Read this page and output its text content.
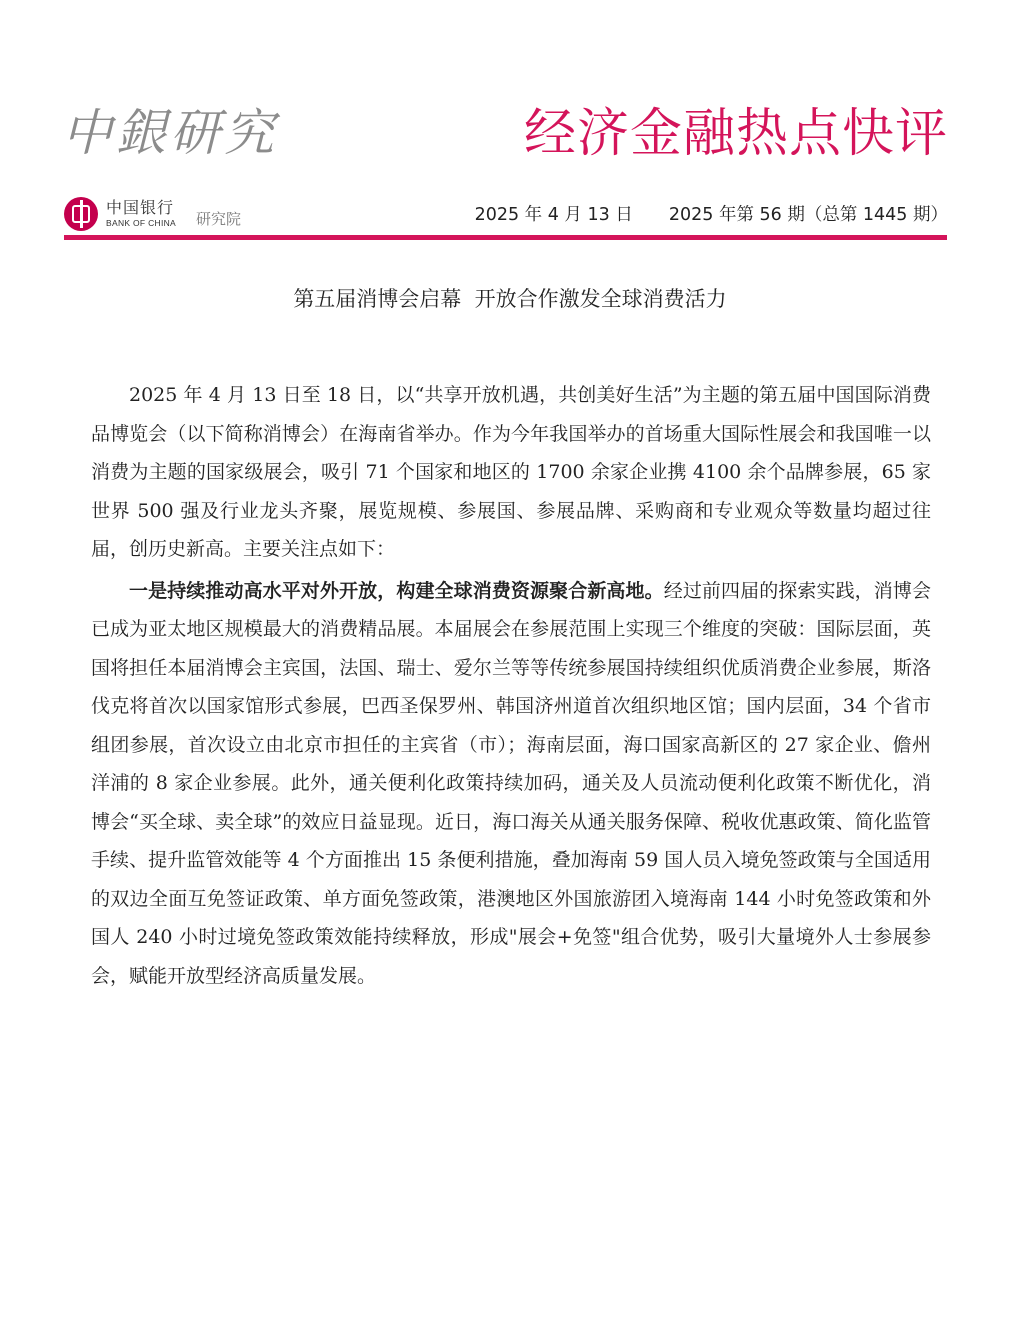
中銀研究
中国银行
BANK OF CHINA 研究院
经济金融热点快评
2025 年 4 月 13 日 2025 年第 56 期（总第 1445 期）
第五届消博会启幕  开放合作激发全球消费活力

2025 年 4 月 13 日至 18 日，以“共享开放机遇，共创美好生活”为主题的第五届中国国际消费品博览会（以下简称消博会）在海南省举办。作为今年我国举办的首场重大国际性展会和我国唯一以消费为主题的国家级展会，吸引 71 个国家和地区的 1700 余家企业携 4100 余个品牌参展，65 家世界 500 强及行业龙头齐聚，展览规模、参展国、参展品牌、采购商和专业观众等数量均超过往届，创历史新高。主要关注点如下：

一是持续推动高水平对外开放，构建全球消费资源聚合新高地。经过前四届的探索实践，消博会已成为亚太地区规模最大的消费精品展。本届展会在参展范围上实现三个维度的突破：国际层面，英国将担任本届消博会主宾国，法国、瑞士、爱尔兰等等传统参展国持续组织优质消费企业参展，斯洛伐克将首次以国家馆形式参展，巴西圣保罗州、韩国济州道首次组织地区馆；国内层面，34 个省市组团参展，首次设立由北京市担任的主宾省（市）；海南层面，海口国家高新区的 27 家企业、儋州洋浦的 8 家企业参展。此外，通关便利化政策持续加码，通关及人员流动便利化政策不断优化，消博会“买全球、卖全球”的效应日益显现。近日，海口海关从通关服务保障、税收优惠政策、简化监管手续、提升监管效能等 4 个方面推出 15 条便利措施，叠加海南 59 国人员入境免签政策与全国适用的双边全面互免签证政策、单方面免签政策，港澳地区外国旅游团入境海南 144 小时免签政策和外国人 240 小时过境免签政策效能持续释放，形成"展会+免签"组合优势，吸引大量境外人士参展参会，赋能开放型经济高质量发展。
